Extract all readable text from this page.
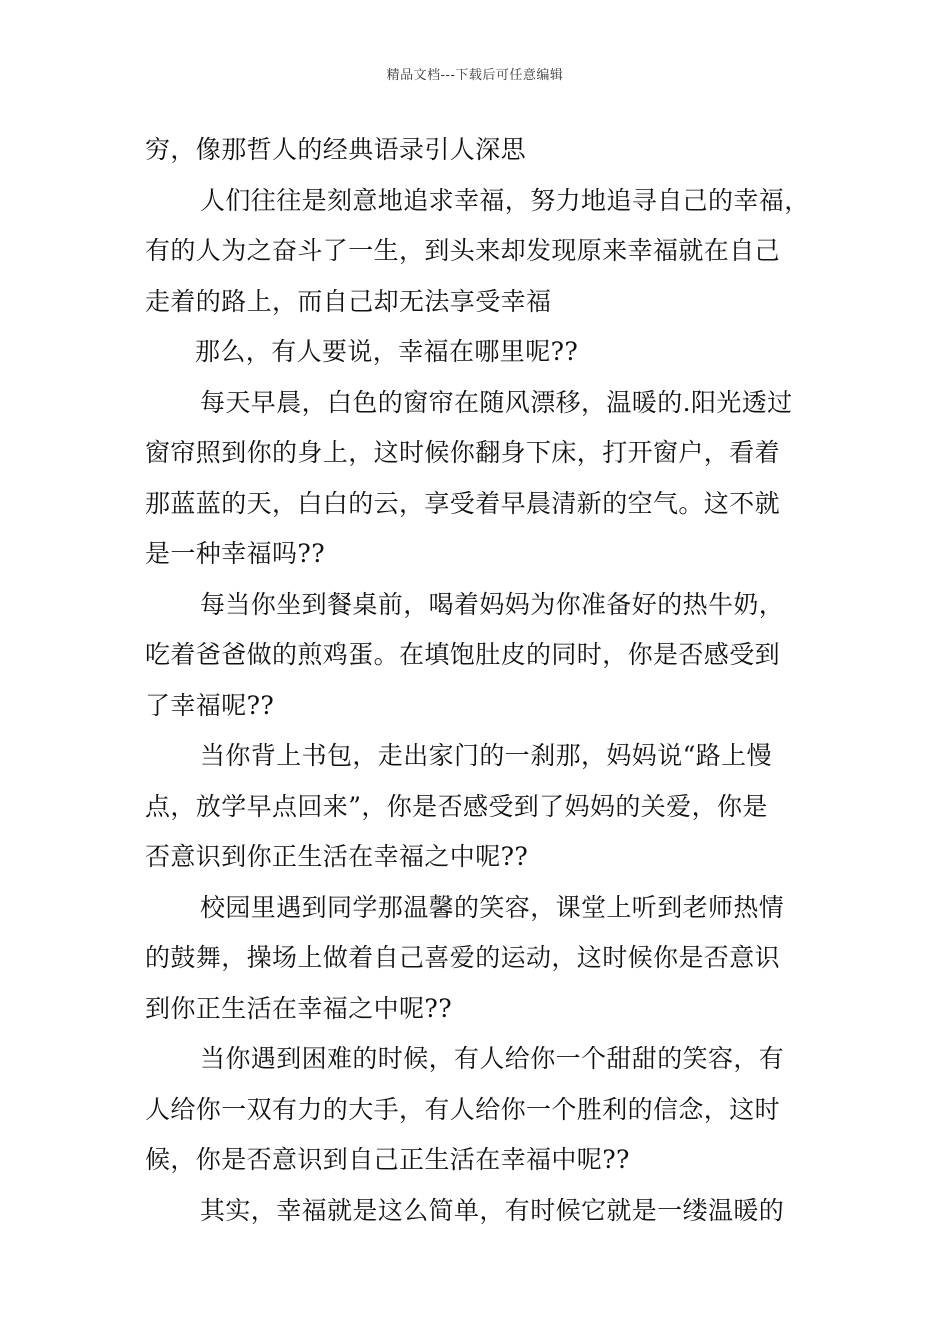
精品文档---下载后可任意编辑
穷，像那哲人的经典语录引人深思
人们往往是刻意地追求幸福，努力地追寻自己的幸福，
有的人为之奋斗了一生，到头来却发现原来幸福就在自己
走着的路上，而自己却无法享受幸福
那么，有人要说，幸福在哪里呢??
每天早晨，白色的窗帘在随风漂移，温暖的.阳光透过
窗帘照到你的身上，这时候你翻身下床，打开窗户，看着
那蓝蓝的天，白白的云，享受着早晨清新的空气。这不就
是一种幸福吗??
每当你坐到餐桌前，喝着妈妈为你准备好的热牛奶，
吃着爸爸做的煎鸡蛋。在填饱肚皮的同时，你是否感受到
了幸福呢??
当你背上书包，走出家门的一刹那，妈妈说“路上慢
点，放学早点回来”，你是否感受到了妈妈的关爱，你是
否意识到你正生活在幸福之中呢??
校园里遇到同学那温馨的笑容，课堂上听到老师热情
的鼓舞，操场上做着自己喜爱的运动，这时候你是否意识
到你正生活在幸福之中呢??
当你遇到困难的时候，有人给你一个甜甜的笑容，有
人给你一双有力的大手，有人给你一个胜利的信念，这时
候，你是否意识到自己正生活在幸福中呢??
其实，幸福就是这么简单，有时候它就是一缕温暖的
